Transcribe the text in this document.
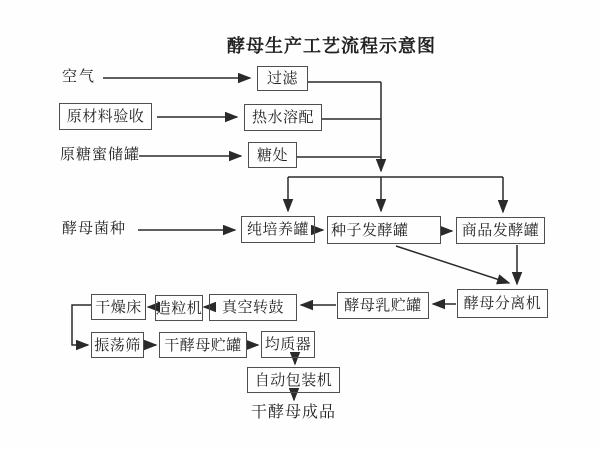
酵母生产工艺流程示意图
空气
原糖蜜储罐
酵母菌种
干酵母成品
过滤
原材料验收	热水溶配
糖处
纯培养罐	种子发酵罐	商品发酵罐
酵母分离机
酵母乳贮罐
真空转鼓
造粒机
干燥床
振荡筛	干酵母贮罐	均质器
自动包装机
